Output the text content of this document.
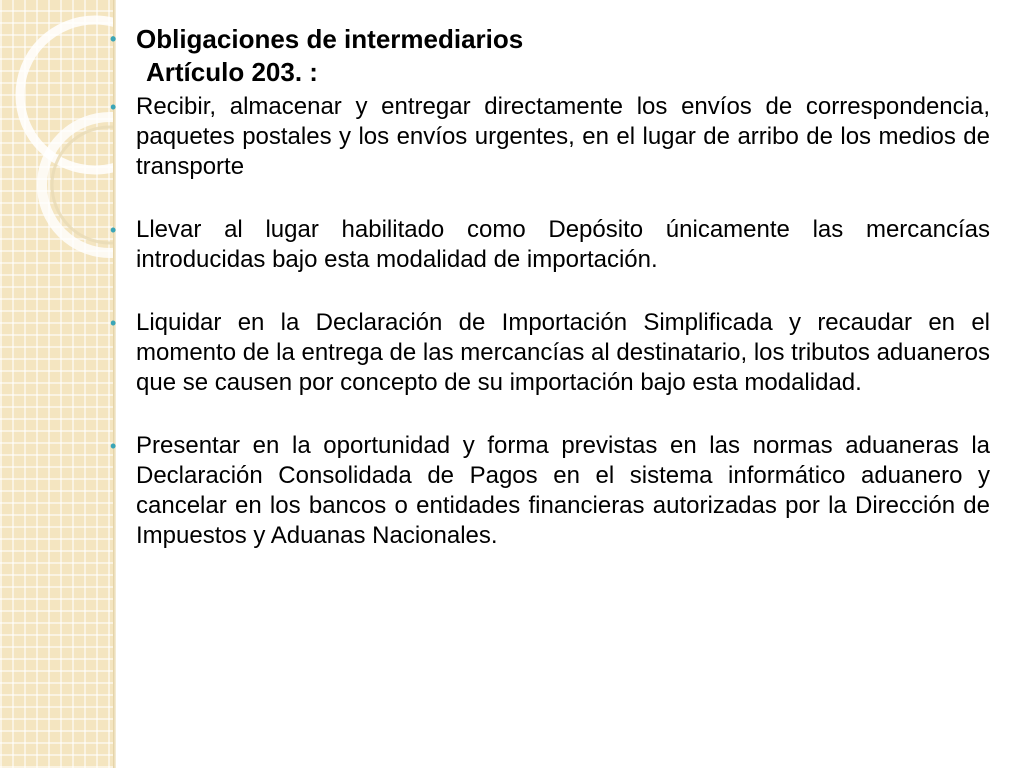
• Obligaciones de intermediarios
Artículo 203. :
• Recibir, almacenar y entregar directamente los envíos de correspondencia, paquetes postales y los envíos urgentes, en el lugar de arribo de los medios de transporte
• Llevar al lugar habilitado como Depósito únicamente las mercancías introducidas bajo esta modalidad de importación.
• Liquidar en la Declaración de Importación Simplificada y recaudar en el momento de la entrega de las mercancías al destinatario, los tributos aduaneros que se causen por concepto de su importación bajo esta modalidad.
• Presentar en la oportunidad y forma previstas en las normas aduaneras la Declaración Consolidada de Pagos en el sistema informático aduanero y cancelar en los bancos o entidades financieras autorizadas por la Dirección de Impuestos y Aduanas Nacionales.
